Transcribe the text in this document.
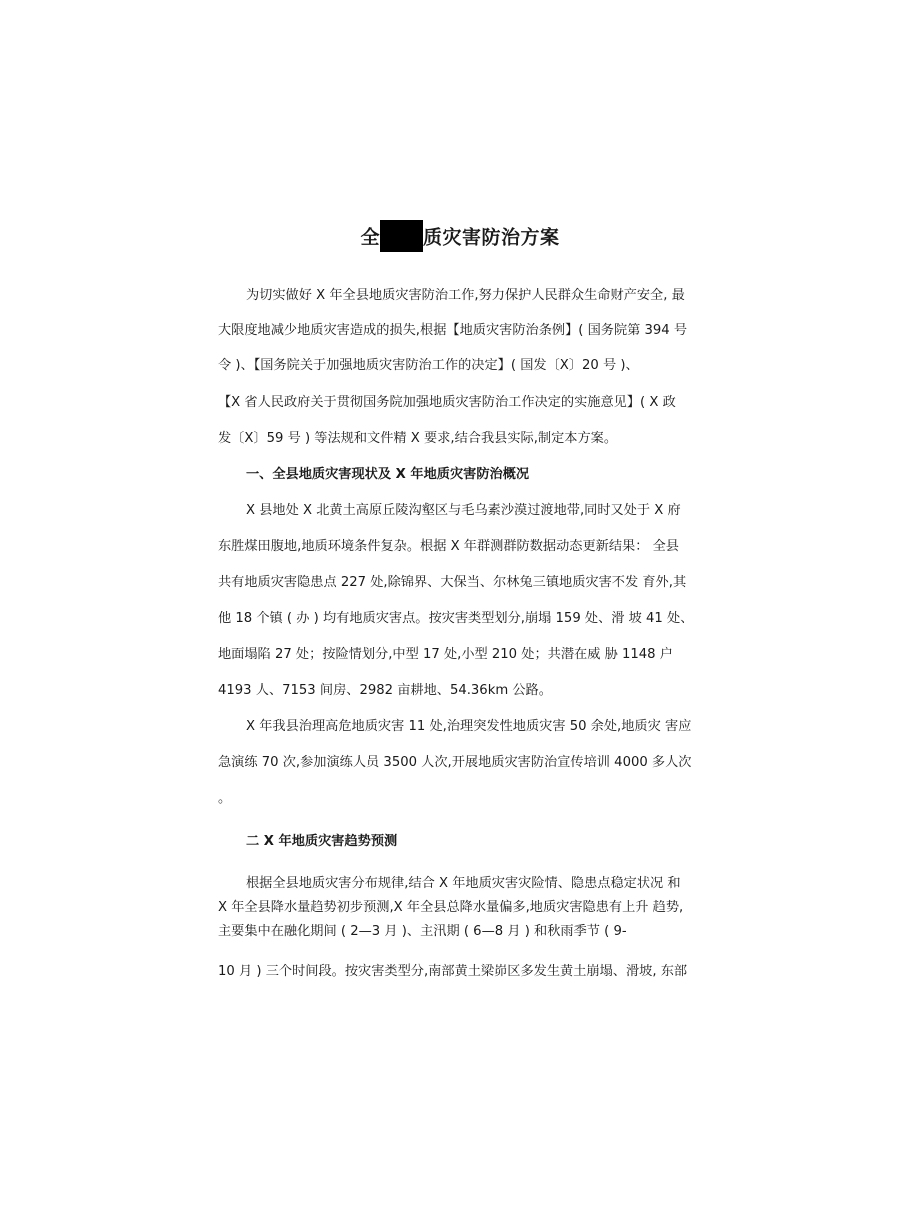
全 县地 质灾害防治方案
为切实做好 X 年全县地质灾害防治工作,努力保护人民群众生命财产安全, 最
大限度地减少地质灾害造成的损失,根据【地质灾害防治条例】( 国务院第 394 号
令 )、【国务院关于加强地质灾害防治工作的决定】( 国发〔X〕20 号 )、
【X 省人民政府关于贯彻国务院加强地质灾害防治工作决定的实施意见】( X 政
发〔X〕59 号 ) 等法规和文件精 X 要求,结合我县实际,制定本方案。
一、全县地质灾害现状及 X 年地质灾害防治概况
X 县地处 X 北黄土高原丘陵沟壑区与毛乌素沙漠过渡地带,同时又处于 X 府
东胜煤田腹地,地质环境条件复杂。根据 X 年群测群防数据动态更新结果： 全县
共有地质灾害隐患点 227 处,除锦界、大保当、尔林兔三镇地质灾害不发 育外,其
他 18 个镇 ( 办 ) 均有地质灾害点。按灾害类型划分,崩塌 159 处、滑 坡 41 处、
地面塌陷 27 处；按险情划分,中型 17 处,小型 210 处；共潜在威 胁 1148 户
4193 人、7153 间房、2982 亩耕地、54.36km 公路。
X 年我县治理高危地质灾害 11 处,治理突发性地质灾害 50 余处,地质灾 害应
急演练 70 次,参加演练人员 3500 人次,开展地质灾害防治宣传培训 4000 多人次
。
二 X 年地质灾害趋势预测
根据全县地质灾害分布规律,结合 X 年地质灾害灾险情、隐患点稳定状况 和
X 年全县降水量趋势初步预测,X 年全县总降水量偏多,地质灾害隐患有上升 趋势,
主要集中在融化期间 ( 2—3 月 )、主汛期 ( 6—8 月 ) 和秋雨季节 ( 9-
10 月 ) 三个时间段。按灾害类型分,南部黄土梁峁区多发生黄土崩塌、滑坡, 东部
